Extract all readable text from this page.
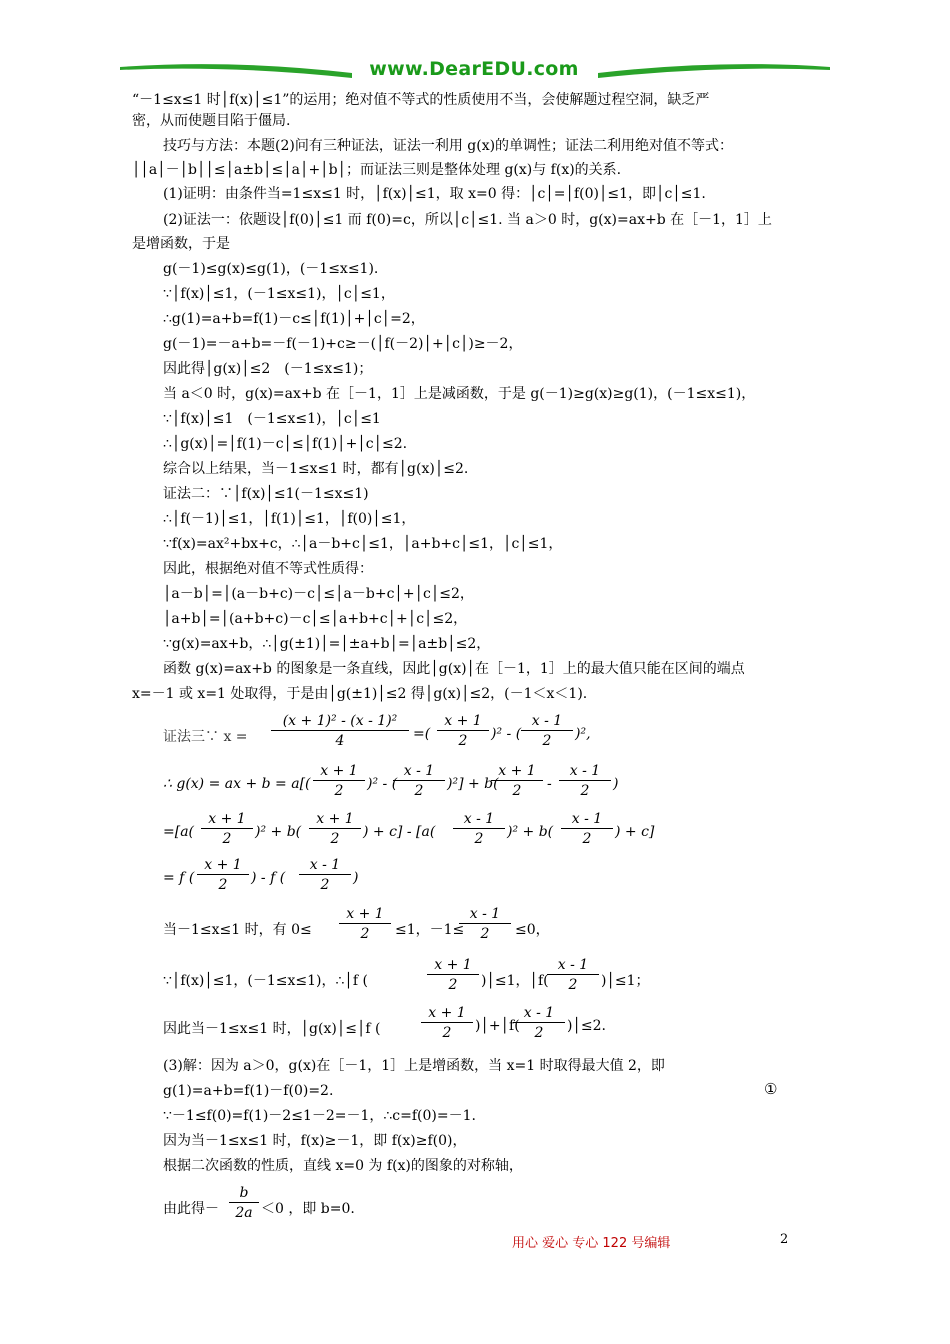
www.DearEDU.com
“－1≤x≤1 时│f(x)│≤1”的运用；绝对值不等式的性质使用不当，会使解题过程空洞，缺乏严
密，从而使题目陷于僵局.
技巧与方法：本题(2)问有三种证法，证法一利用 g(x)的单调性；证法二利用绝对值不等式：
││a│－│b││≤│a±b│≤│a│+│b│；而证法三则是整体处理 g(x)与 f(x)的关系.
(1)证明：由条件当=1≤x≤1 时，│f(x)│≤1，取 x=0 得：│c│=│f(0)│≤1，即│c│≤1.
(2)证法一：依题设│f(0)│≤1 而 f(0)=c，所以│c│≤1. 当 a＞0 时，g(x)=ax+b 在［－1，1］上
是增函数，于是
g(－1)≤g(x)≤g(1)，(－1≤x≤1).
∵│f(x)│≤1，(－1≤x≤1)，│c│≤1，
∴g(1)=a+b=f(1)－c≤│f(1)│+│c│=2，
g(－1)=－a+b=－f(－1)+c≥－(│f(－2)│+│c│)≥－2，
因此得│g(x)│≤2　(－1≤x≤1)；
当 a＜0 时，g(x)=ax+b 在［－1，1］上是减函数，于是 g(－1)≥g(x)≥g(1)，(－1≤x≤1)，
∵│f(x)│≤1　(－1≤x≤1)，│c│≤1
∴│g(x)│=│f(1)－c│≤│f(1)│+│c│≤2.
综合以上结果，当－1≤x≤1 时，都有│g(x)│≤2.
证法二：∵│f(x)│≤1(－1≤x≤1)
∴│f(－1)│≤1，│f(1)│≤1，│f(0)│≤1，
∵f(x)=ax²+bx+c，∴│a－b+c│≤1，│a+b+c│≤1，│c│≤1，
因此，根据绝对值不等式性质得：
│a－b│=│(a－b+c)－c│≤│a－b+c│+│c│≤2，
│a+b│=│(a+b+c)－c│≤│a+b+c│+│c│≤2，
∵g(x)=ax+b，∴│g(±1)│=│±a+b│=│a±b│≤2，
函数 g(x)=ax+b 的图象是一条直线，因此│g(x)│在［－1，1］上的最大值只能在区间的端点
x=－1 或 x=1 处取得，于是由│g(±1)│≤2 得│g(x)│≤2，(－1＜x＜1).
证法三∵ $x = \frac{\text{(x + 1)² - (x - 1)²}}{4}$ =( $\frac{x + 1}{2} )^2$ - ( $\frac{x - 1}{2} )^2$,
∴ g(x) = ax + $b = a[( \frac{x + 1}{2} )^2$ - (
$\frac{x - 1}{2} )^2] + b$(
$\frac{x + 1}{2} - \frac{x - 1}{2}$ )
$=[a( \frac{x + 1}{2} )^2 + b( \frac{x + 1}{2}$ ) + $c] - [a( \frac{x - 1}{2} )^2 + b( \frac{x - 1}{2}$ ) + c]
= f ( $\frac{x + 1}{2}$ ) - f ( $\frac{x - 1}{2}$ )
当－1≤x≤1 时，有 $0\le \frac{x + 1}{2} \le 1$，－1≤
$\frac{x - 1}{2} \le 0$，
∵│f(x)│≤1，(－1≤x≤1)，∴│f (	$\frac{x + 1}{2}$ )│≤1，│f(
$\frac{x - 1}{2}$ )│≤1；
因此当－1≤x≤1 时，│g(x)│≤│f (	$\frac{x + 1}{2}$ )│+│f(
$\frac{x - 1}{2}$ )│≤2.
(3)解：因为 a＞0，g(x)在［－1，1］上是增函数，当 x=1 时取得最大值 2，即
g(1)=a+b=f(1)－f(0)=2.	①
∵－1≤f(0)=f(1)－2≤1－2=－1，∴c=f(0)=－1.
因为当－1≤x≤1 时，f(x)≥－1，即 f(x)≥f(0)，
根据二次函数的性质，直线 x=0 为 f(x)的图象的对称轴，
由此得－ $\frac{b}{2a} <0$ ，即 b=0.
用心 爱心 专心 122 号编辑	2
